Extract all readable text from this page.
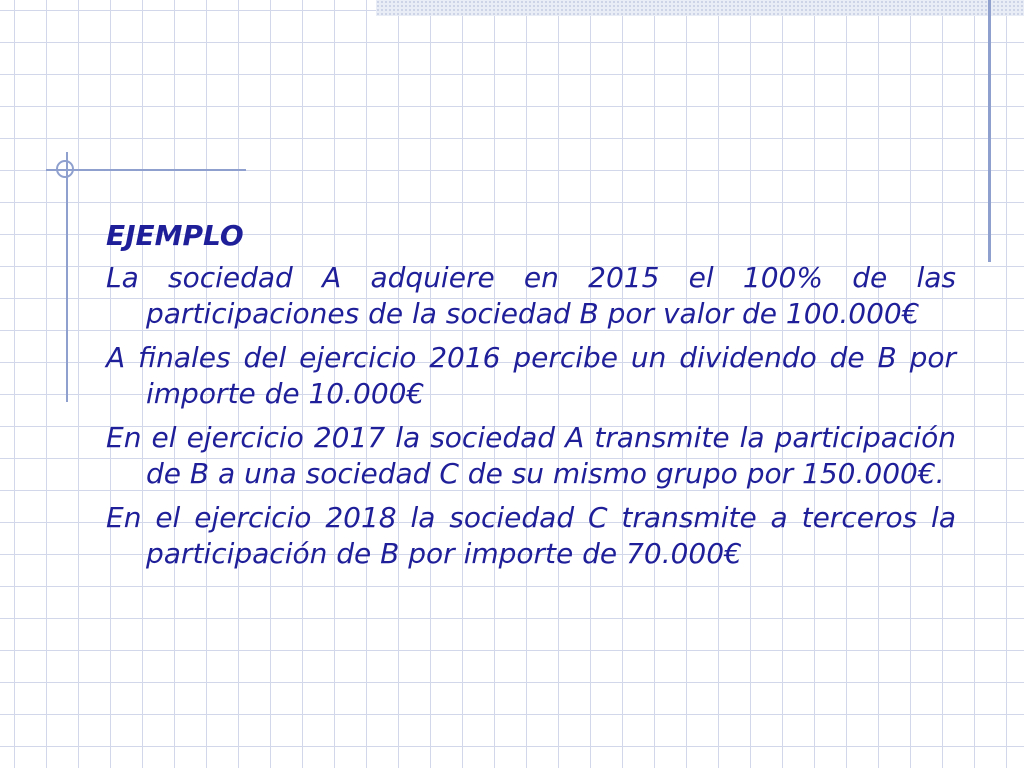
EJEMPLO

La sociedad A adquiere en 2015 el 100% de las participaciones de la sociedad B por valor de 100.000€

A finales del ejercicio 2016 percibe un dividendo de B por importe de 10.000€

En el ejercicio 2017 la sociedad A transmite la participación de B a una sociedad C de su mismo grupo por 150.000€.

En el ejercicio 2018 la sociedad C transmite a terceros la participación de B por importe de 70.000€
